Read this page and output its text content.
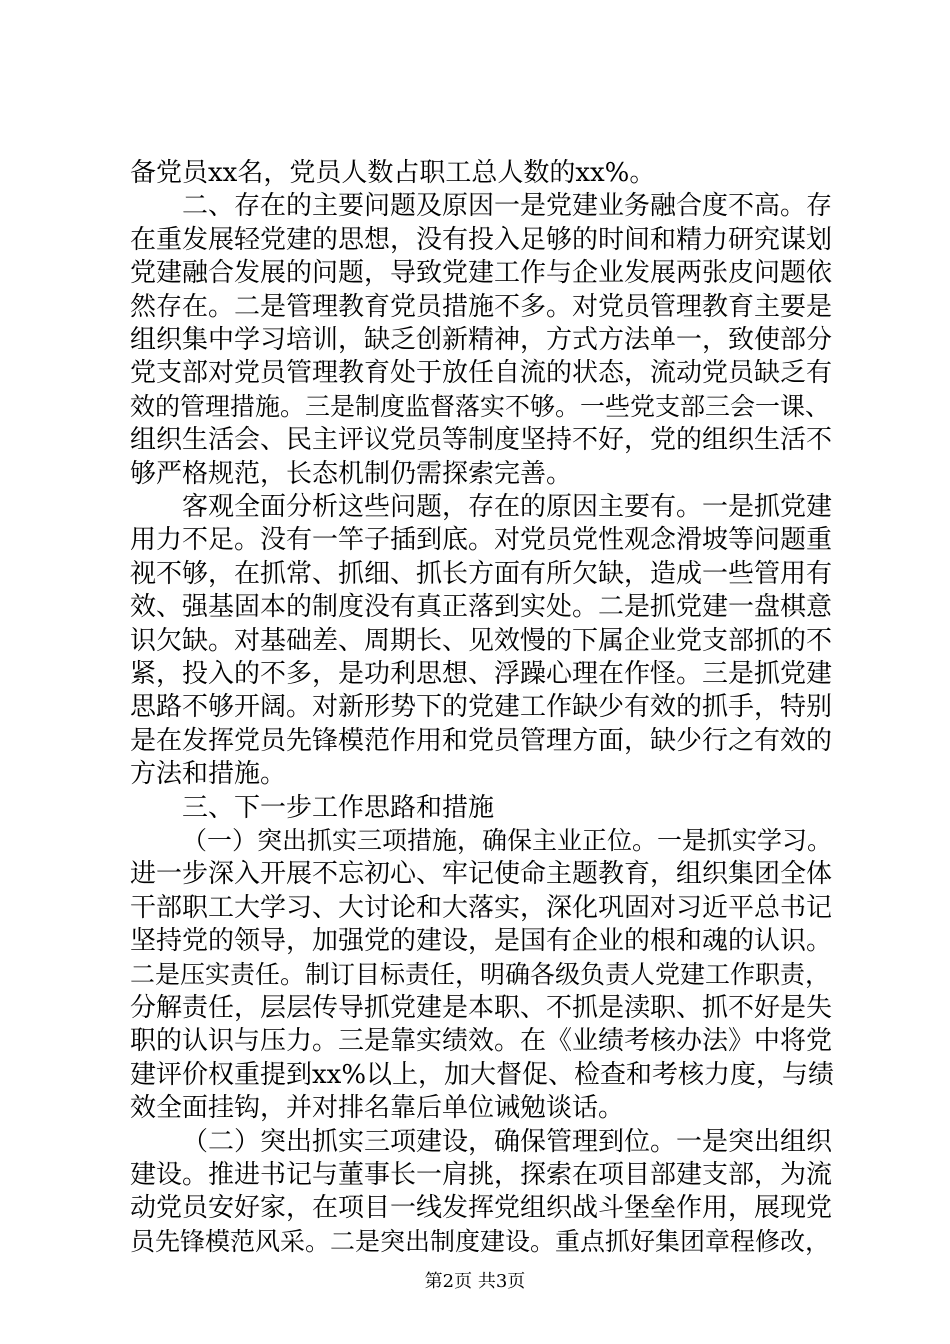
备党员xx名，党员人数占职工总人数的xx%。
二、存在的主要问题及原因一是党建业务融合度不高。存
在重发展轻党建的思想，没有投入足够的时间和精力研究谋划
党建融合发展的问题，导致党建工作与企业发展两张皮问题依
然存在。二是管理教育党员措施不多。对党员管理教育主要是
组织集中学习培训，缺乏创新精神，方式方法单一，致使部分
党支部对党员管理教育处于放任自流的状态，流动党员缺乏有
效的管理措施。三是制度监督落实不够。一些党支部三会一课、
组织生活会、民主评议党员等制度坚持不好，党的组织生活不
够严格规范，长态机制仍需探索完善。
客观全面分析这些问题，存在的原因主要有。一是抓党建
用力不足。没有一竿子插到底。对党员党性观念滑坡等问题重
视不够，在抓常、抓细、抓长方面有所欠缺，造成一些管用有
效、强基固本的制度没有真正落到实处。二是抓党建一盘棋意
识欠缺。对基础差、周期长、见效慢的下属企业党支部抓的不
紧，投入的不多，是功利思想、浮躁心理在作怪。三是抓党建
思路不够开阔。对新形势下的党建工作缺少有效的抓手，特别
是在发挥党员先锋模范作用和党员管理方面，缺少行之有效的
方法和措施。
三、下一步工作思路和措施
（一）突出抓实三项措施，确保主业正位。一是抓实学习。
进一步深入开展不忘初心、牢记使命主题教育，组织集团全体
干部职工大学习、大讨论和大落实，深化巩固对习近平总书记
坚持党的领导，加强党的建设，是国有企业的根和魂的认识。
二是压实责任。制订目标责任，明确各级负责人党建工作职责，
分解责任，层层传导抓党建是本职、不抓是渎职、抓不好是失
职的认识与压力。三是靠实绩效。在《业绩考核办法》中将党
建评价权重提到xx%以上，加大督促、检查和考核力度，与绩
效全面挂钩，并对排名靠后单位诫勉谈话。
（二）突出抓实三项建设，确保管理到位。一是突出组织
建设。推进书记与董事长一肩挑，探索在项目部建支部，为流
动党员安好家，在项目一线发挥党组织战斗堡垒作用，展现党
员先锋模范风采。二是突出制度建设。重点抓好集团章程修改，
第2页 共3页
